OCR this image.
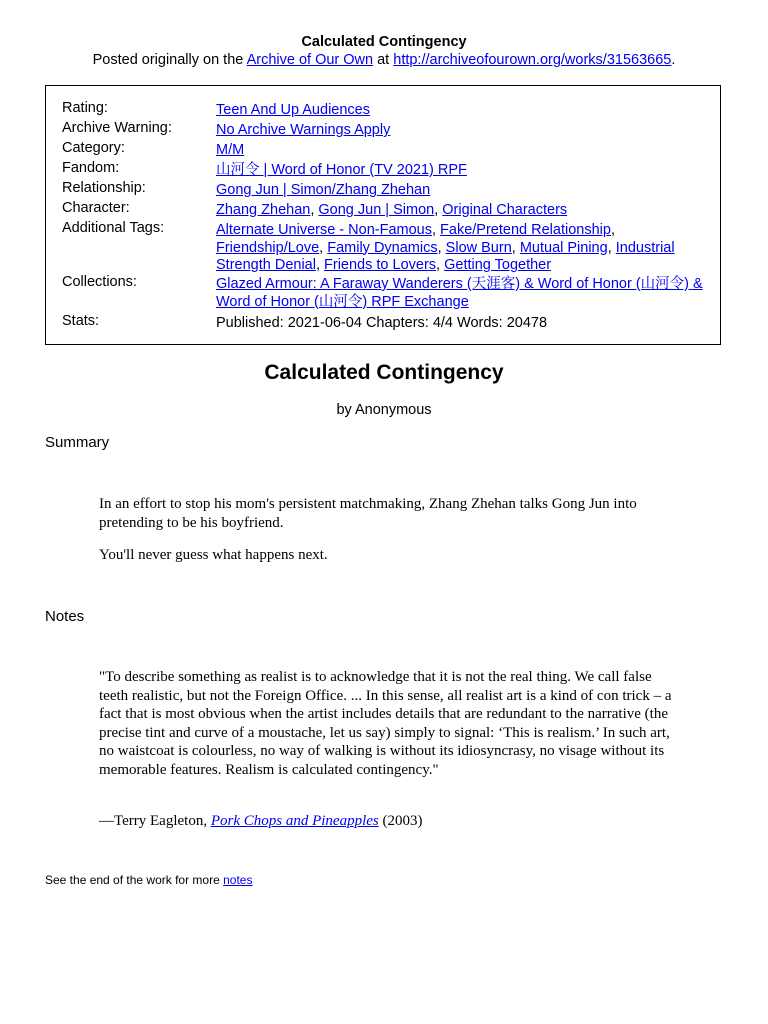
Calculated Contingency
Posted originally on the Archive of Our Own at http://archiveofourown.org/works/31563665.
Rating:	Teen And Up Audiences
Archive Warning:	No Archive Warnings Apply
Category:	M/M
Fandom:	山河令 | Word of Honor (TV 2021) RPF
Relationship:	Gong Jun | Simon/Zhang Zhehan
Character:	Zhang Zhehan, Gong Jun | Simon, Original Characters
Additional Tags:	Alternate Universe - Non-Famous, Fake/Pretend Relationship, Friendship/Love, Family Dynamics, Slow Burn, Mutual Pining, Industrial Strength Denial, Friends to Lovers, Getting Together
Collections:	Glazed Armour: A Faraway Wanderers (天涯客) & Word of Honor (山河令) & Word of Honor (山河令) RPF Exchange
Stats:	Published: 2021-06-04 Chapters: 4/4 Words: 20478
Calculated Contingency
by Anonymous
Summary
In an effort to stop his mom's persistent matchmaking, Zhang Zhehan talks Gong Jun into pretending to be his boyfriend.
You'll never guess what happens next.
Notes
"To describe something as realist is to acknowledge that it is not the real thing. We call false teeth realistic, but not the Foreign Office. ... In this sense, all realist art is a kind of con trick – a fact that is most obvious when the artist includes details that are redundant to the narrative (the precise tint and curve of a moustache, let us say) simply to signal: ‘This is realism.’ In such art, no waistcoat is colourless, no way of walking is without its idiosyncrasy, no visage without its memorable features. Realism is calculated contingency."
—Terry Eagleton, Pork Chops and Pineapples (2003)
See the end of the work for more notes
